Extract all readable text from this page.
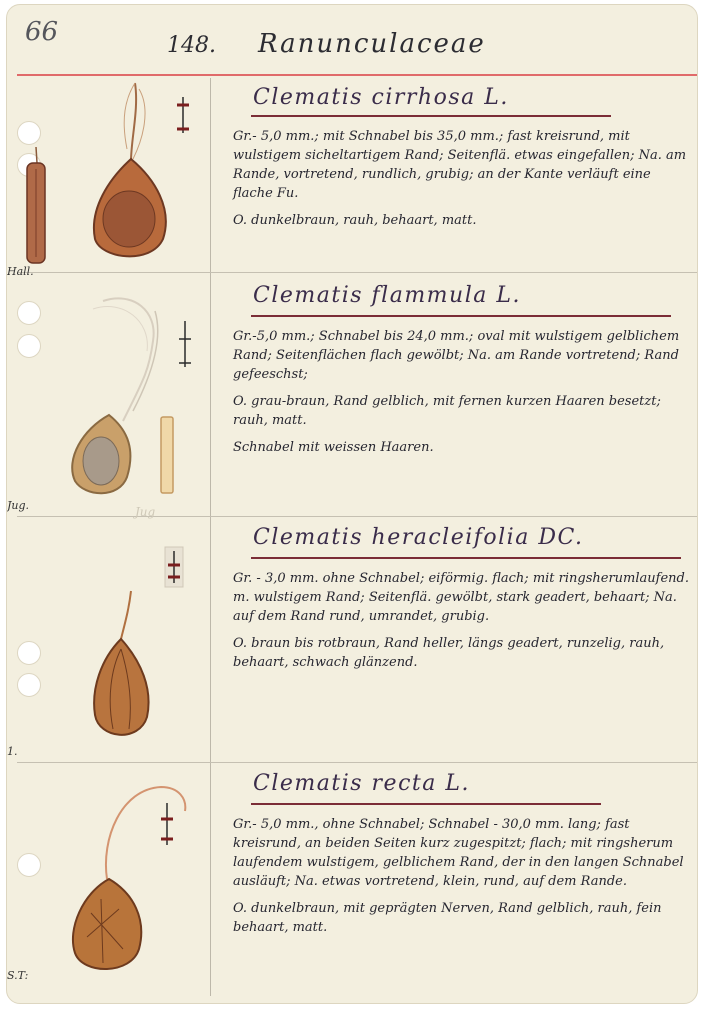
66	148. Ranunculaceae
Clematis cirrhosa L.

Gr.- 5,0 mm.; mit Schnabel bis 35,0 mm.; fast kreisrund, mit wulstigem sicheltartigem Rand; Seitenflä. etwas eingefallen; Na. am Rande, vortretend, rundlich, grubig; an der Kante verläuft eine flache Fu.

O. dunkelbraun, rauh, behaart, matt.

Hall.
Clematis flammula L.

Gr.-5,0 mm.; Schnabel bis 24,0 mm.; oval mit wulstigem gelblichem Rand; Seitenflächen flach gewölbt; Na. am Rande vortretend; Rand gefeeschst;

O. grau-braun, Rand gelblich, mit fernen kurzen Haaren besetzt; rauh, matt.

Schnabel mit weissen Haaren.

Jug.	Jug
Clematis heracleifolia DC.

Gr. - 3,0 mm. ohne Schnabel; eiförmig. flach; mit ringsherumlaufend. m. wulstigem Rand; Seitenflä. gewölbt, stark geadert, behaart; Na. auf dem Rand rund, umrandet, grubig.

O. braun bis rotbraun, Rand heller, längs geadert, runzelig, rauh, behaart, schwach glänzend.

1.
Clematis recta L.

Gr.- 5,0 mm., ohne Schnabel; Schnabel - 30,0 mm. lang; fast kreisrund, an beiden Seiten kurz zugespitzt; flach; mit ringsherum laufendem wulstigem, gelblichem Rand, der in den langen Schnabel ausläuft; Na. etwas vortretend, klein, rund, auf dem Rande.

O. dunkelbraun, mit geprägten Nerven, Rand gelblich, rauh, fein behaart, matt.

S.T:
